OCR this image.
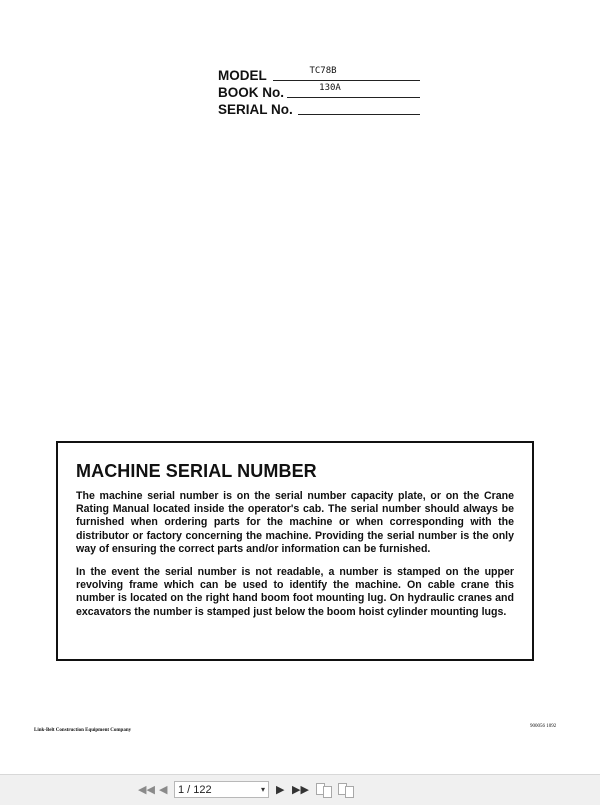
MODEL	TC78B
BOOK No.	130A
SERIAL No.
MACHINE SERIAL NUMBER

The machine serial number is on the serial number capacity plate, or on the Crane Rating Manual located inside the operator's cab. The serial number should always be furnished when ordering parts for the machine or when corresponding with the distributor or factory concerning the machine. Providing the serial number is the only way of ensuring the correct parts and/or information can be furnished.

In the event the serial number is not readable, a number is stamped on the upper revolving frame which can be used to identify the machine. On cable crane this number is located on the right hand boom foot mounting lug. On hydraulic cranes and excavators the number is stamped just below the boom hoist cylinder mounting lugs.

Link-Belt Construction Equipment Company
900056 1092
◀◀ ◀ 1 / 122	▾ ▶ ▶▶
